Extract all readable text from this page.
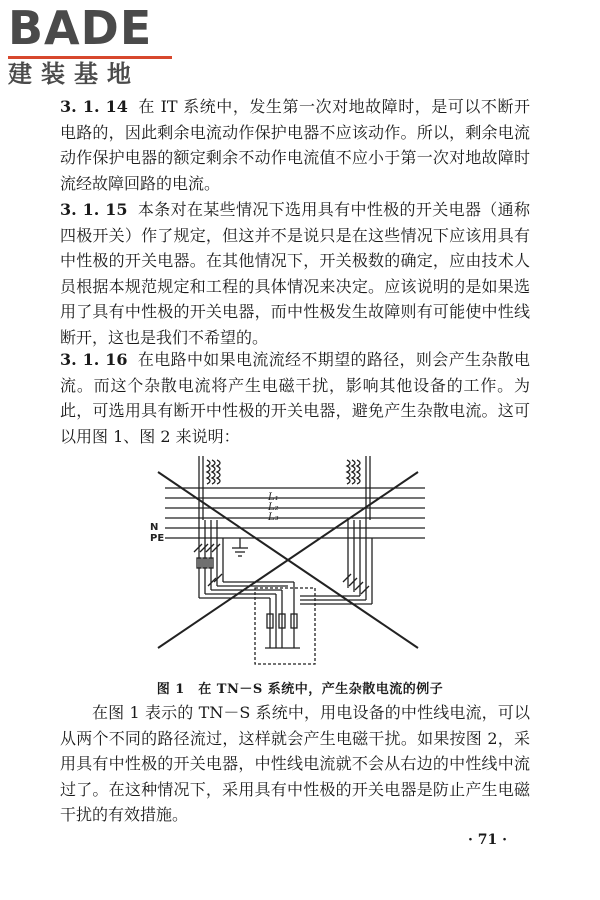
BADE
建装基地

3. 1. 14 在 IT 系统中，发生第一次对地故障时，是可以不断开电路的，因此剩余电流动作保护电器不应该动作。所以，剩余电流动作保护电器的额定剩余不动作电流值不应小于第一次对地故障时流经故障回路的电流。

3. 1. 15 本条对在某些情况下选用具有中性极的开关电器（通称四极开关）作了规定，但这并不是说只是在这些情况下应该用具有中性极的开关电器。在其他情况下，开关极数的确定，应由技术人员根据本规范规定和工程的具体情况来决定。应该说明的是如果选用了具有中性极的开关电器，而中性极发生故障则有可能使中性线断开，这也是我们不希望的。

3. 1. 16 在电路中如果电流流经不期望的路径，则会产生杂散电流。而这个杂散电流将产生电磁干扰，影响其他设备的工作。为此，可选用具有断开中性极的开关电器，避免产生杂散电流。这可以用图 1、图 2 来说明：

L₁
L₂
L₃
N
PE
图 1　在 TN－S 系统中，产生杂散电流的例子

在图 1 表示的 TN－S 系统中，用电设备的中性线电流，可以从两个不同的路径流过，这样就会产生电磁干扰。如果按图 2，采用具有中性极的开关电器，中性线电流就不会从右边的中性线中流过了。在这种情况下，采用具有中性极的开关电器是防止产生电磁干扰的有效措施。

· 71 ·
